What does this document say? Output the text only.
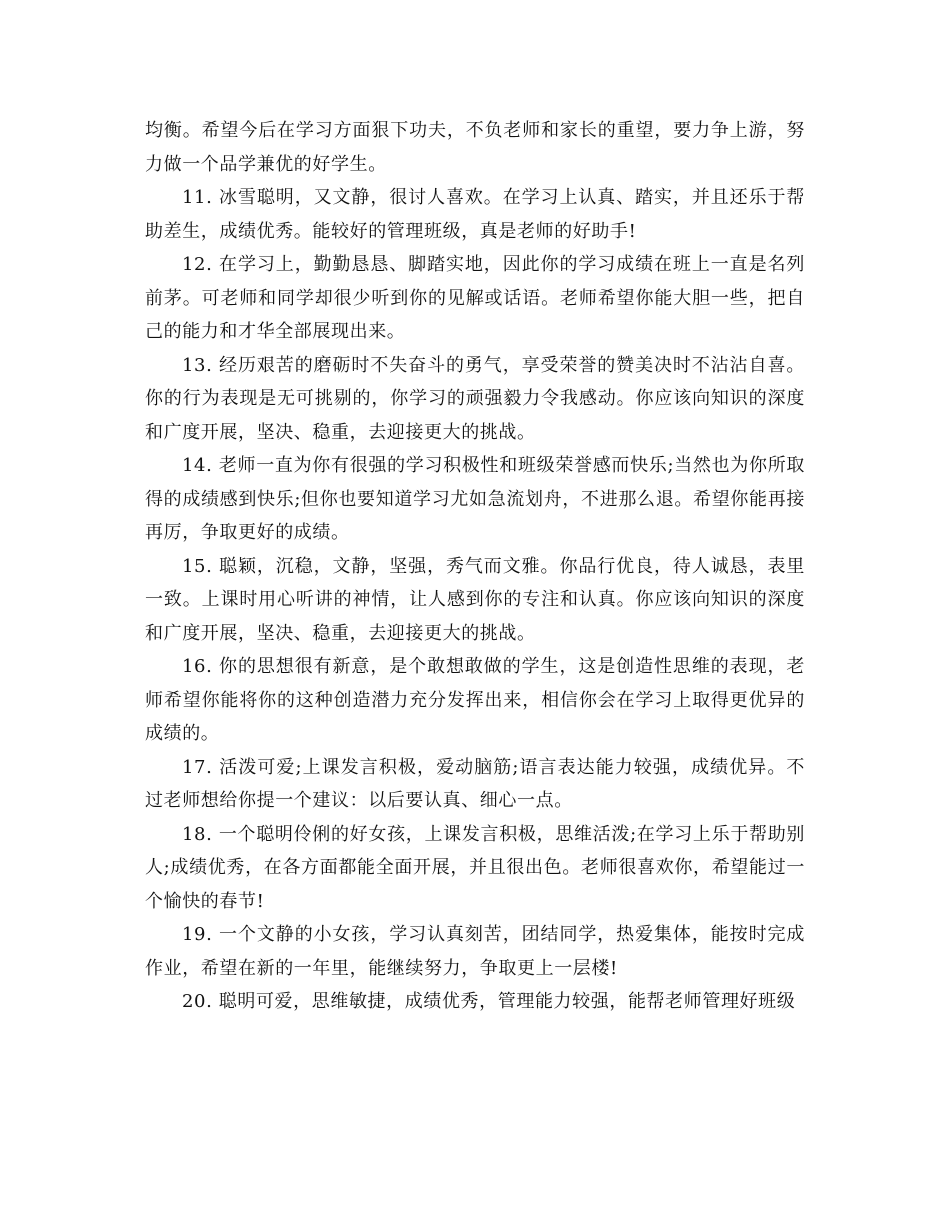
均衡。希望今后在学习方面狠下功夫，不负老师和家长的重望，要力争上游，努力做一个品学兼优的好学生。

11. 冰雪聪明，又文静，很讨人喜欢。在学习上认真、踏实，并且还乐于帮助差生，成绩优秀。能较好的管理班级，真是老师的好助手!

12. 在学习上，勤勤恳恳、脚踏实地，因此你的学习成绩在班上一直是名列前茅。可老师和同学却很少听到你的见解或话语。老师希望你能大胆一些，把自己的能力和才华全部展现出来。

13. 经历艰苦的磨砺时不失奋斗的勇气，享受荣誉的赞美决时不沾沾自喜。你的行为表现是无可挑剔的，你学习的顽强毅力令我感动。你应该向知识的深度和广度开展，坚决、稳重，去迎接更大的挑战。

14. 老师一直为你有很强的学习积极性和班级荣誉感而快乐;当然也为你所取得的成绩感到快乐;但你也要知道学习尤如急流划舟，不进那么退。希望你能再接再厉，争取更好的成绩。

15. 聪颖，沉稳，文静，坚强，秀气而文雅。你品行优良，待人诚恳，表里一致。上课时用心听讲的神情，让人感到你的专注和认真。你应该向知识的深度和广度开展，坚决、稳重，去迎接更大的挑战。

16. 你的思想很有新意，是个敢想敢做的学生，这是创造性思维的表现，老师希望你能将你的这种创造潜力充分发挥出来，相信你会在学习上取得更优异的成绩的。

17. 活泼可爱;上课发言积极，爱动脑筋;语言表达能力较强，成绩优异。不过老师想给你提一个建议：以后要认真、细心一点。

18. 一个聪明伶俐的好女孩，上课发言积极，思维活泼;在学习上乐于帮助别人;成绩优秀，在各方面都能全面开展，并且很出色。老师很喜欢你，希望能过一个愉快的春节!

19. 一个文静的小女孩，学习认真刻苦，团结同学，热爱集体，能按时完成作业，希望在新的一年里，能继续努力，争取更上一层楼!

20. 聪明可爱，思维敏捷，成绩优秀，管理能力较强，能帮老师管理好班级
